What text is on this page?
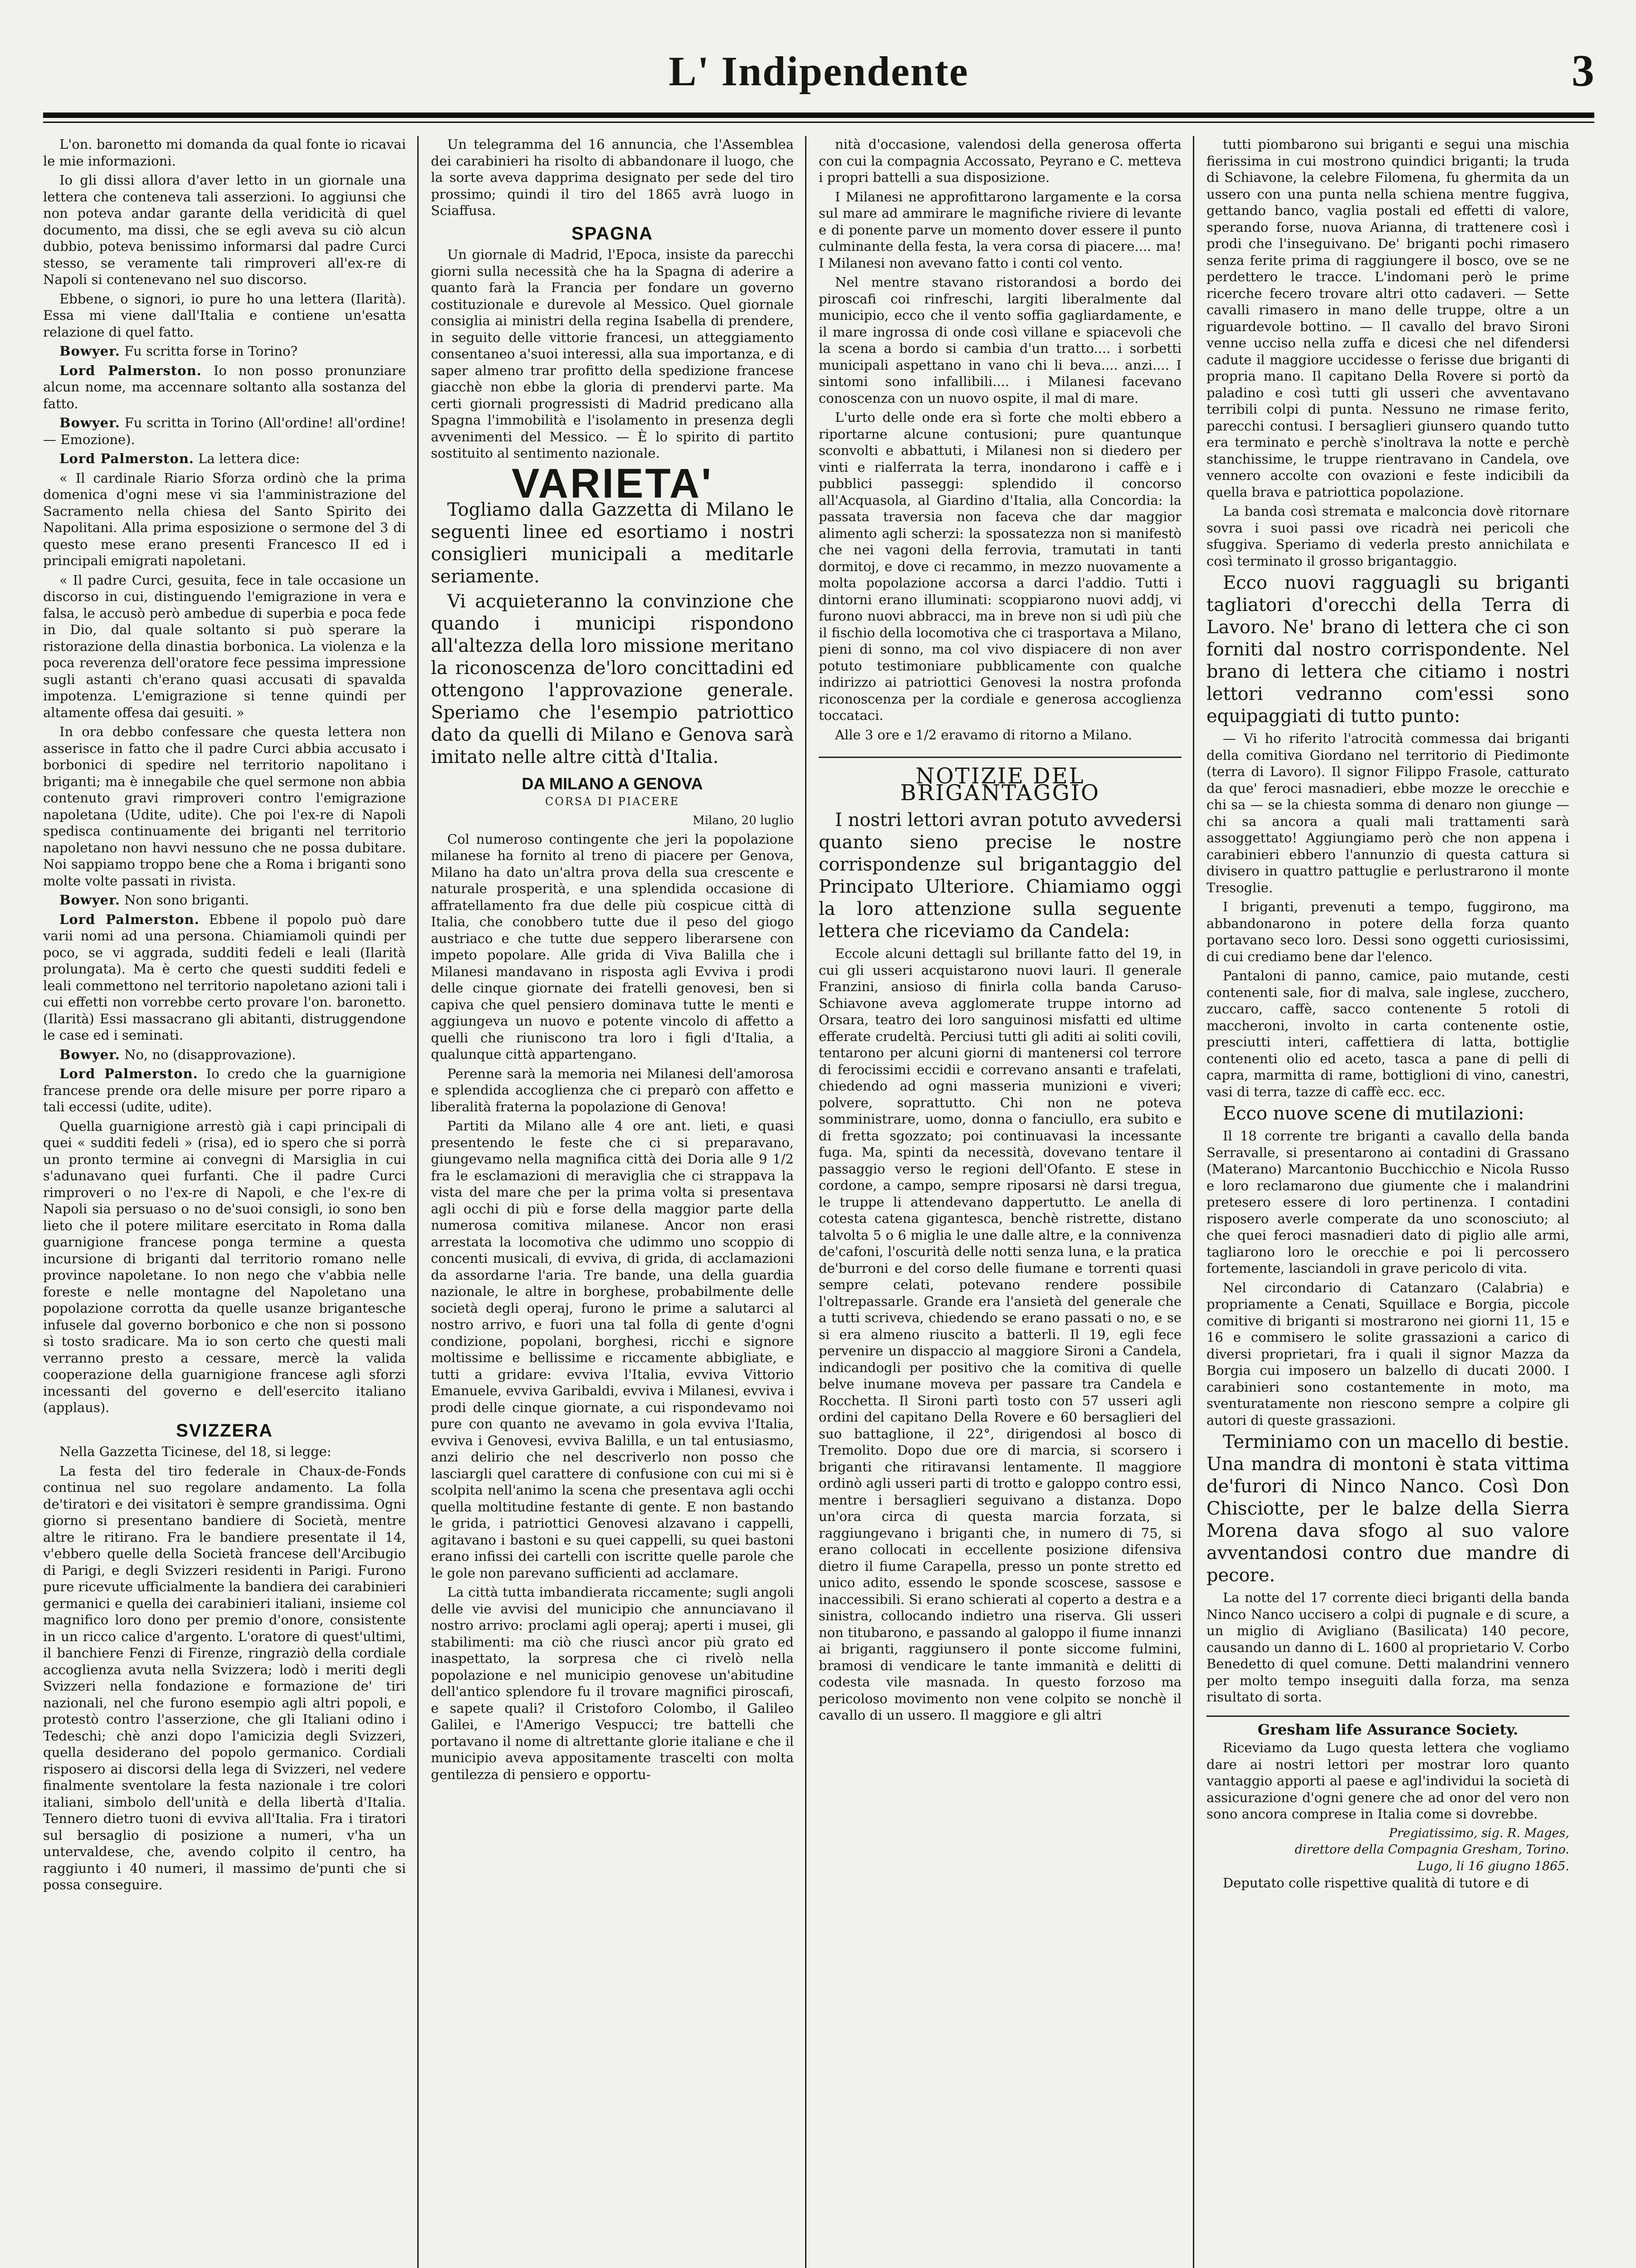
L' Indipendente	3

L'on. baronetto mi domanda da qual fonte io ricavai le mie informazioni.

Io gli dissi allora d'aver letto in un giornale una lettera che conteneva tali asserzioni. Io aggiunsi che non poteva andar garante della veridicità di quel documento, ma dissi, che se egli aveva su ciò alcun dubbio, poteva benissimo informarsi dal padre Curci stesso, se veramente tali rimproveri all'ex-re di Napoli si contenevano nel suo discorso.

Ebbene, o signori, io pure ho una lettera (Ilarità). Essa mi viene dall'Italia e contiene un'esatta relazione di quel fatto.

Bowyer. Fu scritta forse in Torino?

Lord Palmerston. Io non posso pronunziare alcun nome, ma accennare soltanto alla sostanza del fatto.

Bowyer. Fu scritta in Torino (All'ordine! all'ordine! — Emozione).

Lord Palmerston. La lettera dice:

« Il cardinale Riario Sforza ordinò che la prima domenica d'ogni mese vi sia l'amministrazione del Sacramento nella chiesa del Santo Spirito dei Napolitani. Alla prima esposizione o sermone del 3 di questo mese erano presenti Francesco II ed i principali emigrati napoletani.

« Il padre Curci, gesuita, fece in tale occasione un discorso in cui, distinguendo l'emigrazione in vera e falsa, le accusò però ambedue di superbia e poca fede in Dio, dal quale soltanto si può sperare la ristorazione della dinastia borbonica. La violenza e la poca reverenza dell'oratore fece pessima impressione sugli astanti ch'erano quasi accusati di spavalda impotenza. L'emigrazione si tenne quindi per altamente offesa dai gesuiti. »

In ora debbo confessare che questa lettera non asserisce in fatto che il padre Curci abbia accusato i borbonici di spedire nel territorio napolitano i briganti; ma è innegabile che quel sermone non abbia contenuto gravi rimproveri contro l'emigrazione napoletana (Udite, udite). Che poi l'ex-re di Napoli spedisca continuamente dei briganti nel territorio napoletano non havvi nessuno che ne possa dubitare. Noi sappiamo troppo bene che a Roma i briganti sono molte volte passati in rivista.

Bowyer. Non sono briganti.

Lord Palmerston. Ebbene il popolo può dare varii nomi ad una persona. Chiamiamoli quindi per poco, se vi aggrada, sudditi fedeli e leali (Ilarità prolungata). Ma è certo che questi sudditi fedeli e leali commettono nel territorio napoletano azioni tali i cui effetti non vorrebbe certo provare l'on. baronetto. (Ilarità) Essi massacrano gli abitanti, distruggendone le case ed i seminati.

Bowyer. No, no (disapprovazione).

Lord Palmerston. Io credo che la guarnigione francese prende ora delle misure per porre riparo a tali eccessi (udite, udite).

Quella guarnigione arrestò già i capi principali di quei « sudditi fedeli » (risa), ed io spero che si porrà un pronto termine ai convegni di Marsiglia in cui s'adunavano quei furfanti. Che il padre Curci rimproveri o no l'ex-re di Napoli, e che l'ex-re di Napoli sia persuaso o no de'suoi consigli, io sono ben lieto che il potere militare esercitato in Roma dalla guarnigione francese ponga termine a questa incursione di briganti dal territorio romano nelle province napoletane. Io non nego che v'abbia nelle foreste e nelle montagne del Napoletano una popolazione corrotta da quelle usanze brigantesche infusele dal governo borbonico e che non si possono sì tosto sradicare. Ma io son certo che questi mali verranno presto a cessare, mercè la valida cooperazione della guarnigione francese agli sforzi incessanti del governo e dell'esercito italiano (applaus).

SVIZZERA

Nella Gazzetta Ticinese, del 18, si legge:

La festa del tiro federale in Chaux-de-Fonds continua nel suo regolare andamento. La folla de'tiratori e dei visitatori è sempre grandissima. Ogni giorno si presentano bandiere di Società, mentre altre le ritirano. Fra le bandiere presentate il 14, v'ebbero quelle della Società francese dell'Arcibugio di Parigi, e degli Svizzeri residenti in Parigi. Furono pure ricevute ufficialmente la bandiera dei carabinieri germanici e quella dei carabinieri italiani, insieme col magnifico loro dono per premio d'onore, consistente in un ricco calice d'argento. L'oratore di quest'ultimi, il banchiere Fenzi di Firenze, ringraziò della cordiale accoglienza avuta nella Svizzera; lodò i meriti degli Svizzeri nella fondazione e formazione de' tiri nazionali, nel che furono esempio agli altri popoli, e protestò contro l'asserzione, che gli Italiani odino i Tedeschi; chè anzi dopo l'amicizia degli Svizzeri, quella desiderano del popolo germanico. Cordiali risposero ai discorsi della lega di Svizzeri, nel vedere finalmente sventolare la festa nazionale i tre colori italiani, simbolo dell'unità e della libertà d'Italia. Tennero dietro tuoni di evviva all'Italia. Fra i tiratori sul bersaglio di posizione a numeri, v'ha un untervaldese, che, avendo colpito il centro, ha raggiunto i 40 numeri, il massimo de'punti che si possa conseguire.

Un telegramma del 16 annuncia, che l'Assemblea dei carabinieri ha risolto di abbandonare il luogo, che la sorte aveva dapprima designato per sede del tiro prossimo; quindi il tiro del 1865 avrà luogo in Sciaffusa.

SPAGNA

Un giornale di Madrid, l'Epoca, insiste da parecchi giorni sulla necessità che ha la Spagna di aderire a quanto farà la Francia per fondare un governo costituzionale e durevole al Messico. Quel giornale consiglia ai ministri della regina Isabella di prendere, in seguito delle vittorie francesi, un atteggiamento consentaneo a'suoi interessi, alla sua importanza, e di saper almeno trar profitto della spedizione francese giacchè non ebbe la gloria di prendervi parte. Ma certi giornali progressisti di Madrid predicano alla Spagna l'immobilità e l'isolamento in presenza degli avvenimenti del Messico. — È lo spirito di partito sostituito al sentimento nazionale.

VARIETA'

Togliamo dalla Gazzetta di Milano le seguenti linee ed esortiamo i nostri consiglieri municipali a meditarle seriamente.

Vi acquieteranno la convinzione che quando i municipi rispondono all'altezza della loro missione meritano la riconoscenza de'loro concittadini ed ottengono l'approvazione generale. Speriamo che l'esempio patriottico dato da quelli di Milano e Genova sarà imitato nelle altre città d'Italia.

DA MILANO A GENOVA
CORSA DI PIACERE
Milano, 20 luglio

Col numeroso contingente che jeri la popolazione milanese ha fornito al treno di piacere per Genova, Milano ha dato un'altra prova della sua crescente e naturale prosperità, e una splendida occasione di affratellamento fra due delle più cospicue città di Italia, che conobbero tutte due il peso del giogo austriaco e che tutte due seppero liberarsene con impeto popolare. Alle grida di Viva Balilla che i Milanesi mandavano in risposta agli Evviva i prodi delle cinque giornate dei fratelli genovesi, ben si capiva che quel pensiero dominava tutte le menti e aggiungeva un nuovo e potente vincolo di affetto a quelli che riuniscono tra loro i figli d'Italia, a qualunque città appartengano.

Perenne sarà la memoria nei Milanesi dell'amorosa e splendida accoglienza che ci preparò con affetto e liberalità fraterna la popolazione di Genova!

Partiti da Milano alle 4 ore ant. lieti, e quasi presentendo le feste che ci si preparavano, giungevamo nella magnifica città dei Doria alle 9 1/2 fra le esclamazioni di meraviglia che ci strappava la vista del mare che per la prima volta si presentava agli occhi di più e forse della maggior parte della numerosa comitiva milanese. Ancor non erasi arrestata la locomotiva che udimmo uno scoppio di concenti musicali, di evviva, di grida, di acclamazioni da assordarne l'aria. Tre bande, una della guardia nazionale, le altre in borghese, probabilmente delle società degli operaj, furono le prime a salutarci al nostro arrivo, e fuori una tal folla di gente d'ogni condizione, popolani, borghesi, ricchi e signore moltissime e bellissime e riccamente abbigliate, e tutti a gridare: evviva l'Italia, evviva Vittorio Emanuele, evviva Garibaldi, evviva i Milanesi, evviva i prodi delle cinque giornate, a cui rispondevamo noi pure con quanto ne avevamo in gola evviva l'Italia, evviva i Genovesi, evviva Balilla, e un tal entusiasmo, anzi delirio che nel descriverlo non posso che lasciargli quel carattere di confusione con cui mi si è scolpita nell'animo la scena che presentava agli occhi quella moltitudine festante di gente. E non bastando le grida, i patriottici Genovesi alzavano i cappelli, agitavano i bastoni e su quei cappelli, su quei bastoni erano infissi dei cartelli con iscritte quelle parole che le gole non parevano sufficienti ad acclamare.

La città tutta imbandierata riccamente; sugli angoli delle vie avvisi del municipio che annunciavano il nostro arrivo: proclami agli operaj; aperti i musei, gli stabilimenti: ma ciò che riuscì ancor più grato ed inaspettato, la sorpresa che ci rivelò nella popolazione e nel municipio genovese un'abitudine dell'antico splendore fu il trovare magnifici piroscafi, e sapete quali? il Cristoforo Colombo, il Galileo Galilei, e l'Amerigo Vespucci; tre battelli che portavano il nome di altrettante glorie italiane e che il municipio aveva appositamente trascelti con molta gentilezza di pensiero e opportu-

nità d'occasione, valendosi della generosa offerta con cui la compagnia Accossato, Peyrano e C. metteva i propri battelli a sua disposizione.

I Milanesi ne approfittarono largamente e la corsa sul mare ad ammirare le magnifiche riviere di levante e di ponente parve un momento dover essere il punto culminante della festa, la vera corsa di piacere.... ma! I Milanesi non avevano fatto i conti col vento.

Nel mentre stavano ristorandosi a bordo dei piroscafi coi rinfreschi, largiti liberalmente dal municipio, ecco che il vento soffia gagliardamente, e il mare ingrossa di onde così villane e spiacevoli che la scena a bordo si cambia d'un tratto.... i sorbetti municipali aspettano in vano chi li beva.... anzi.... I sintomi sono infallibili.... i Milanesi facevano conoscenza con un nuovo ospite, il mal di mare.

L'urto delle onde era sì forte che molti ebbero a riportarne alcune contusioni; pure quantunque sconvolti e abbattuti, i Milanesi non si diedero per vinti e rialferrata la terra, inondarono i caffè e i pubblici passeggi: splendido il concorso all'Acquasola, al Giardino d'Italia, alla Concordia: la passata traversia non faceva che dar maggior alimento agli scherzi: la spossatezza non si manifestò che nei vagoni della ferrovia, tramutati in tanti dormitoj, e dove ci recammo, in mezzo nuovamente a molta popolazione accorsa a darci l'addio. Tutti i dintorni erano illuminati: scoppiarono nuovi addj, vi furono nuovi abbracci, ma in breve non si udì più che il fischio della locomotiva che ci trasportava a Milano, pieni di sonno, ma col vivo dispiacere di non aver potuto testimoniare pubblicamente con qualche indirizzo ai patriottici Genovesi la nostra profonda riconoscenza per la cordiale e generosa accoglienza toccataci.

Alle 3 ore e 1/2 eravamo di ritorno a Milano.

NOTIZIE DEL BRIGANTAGGIO

I nostri lettori avran potuto avvedersi quanto sieno precise le nostre corrispondenze sul brigantaggio del Principato Ulteriore. Chiamiamo oggi la loro attenzione sulla seguente lettera che riceviamo da Candela:

Eccole alcuni dettagli sul brillante fatto del 19, in cui gli usseri acquistarono nuovi lauri. Il generale Franzini, ansioso di finirla colla banda Caruso-Schiavone aveva agglomerate truppe intorno ad Orsara, teatro dei loro sanguinosi misfatti ed ultime efferate crudeltà. Perciusi tutti gli aditi ai soliti covili, tentarono per alcuni giorni di mantenersi col terrore di ferocissimi eccidii e correvano ansanti e trafelati, chiedendo ad ogni masseria munizioni e viveri; polvere, soprattutto. Chi non ne poteva somministrare, uomo, donna o fanciullo, era subito e di fretta sgozzato; poi continuavasi la incessante fuga. Ma, spinti da necessità, dovevano tentare il passaggio verso le regioni dell'Ofanto. E stese in cordone, a campo, sempre riposarsi nè darsi tregua, le truppe li attendevano dappertutto. Le anella di cotesta catena gigantesca, benchè ristrette, distano talvolta 5 o 6 miglia le une dalle altre, e la connivenza de'cafoni, l'oscurità delle notti senza luna, e la pratica de'burroni e del corso delle fiumane e torrenti quasi sempre celati, potevano rendere possibile l'oltrepassarle. Grande era l'ansietà del generale che a tutti scriveva, chiedendo se erano passati o no, e se si era almeno riuscito a batterli. Il 19, egli fece pervenire un dispaccio al maggiore Sironi a Candela, indicandogli per positivo che la comitiva di quelle belve inumane moveva per passare tra Candela e Rocchetta. Il Sironi partì tosto con 57 usseri agli ordini del capitano Della Rovere e 60 bersaglieri del suo battaglione, il 22°, dirigendosi al bosco di Tremolito. Dopo due ore di marcia, si scorsero i briganti che ritiravansi lentamente. Il maggiore ordinò agli usseri parti di trotto e galoppo contro essi, mentre i bersaglieri seguivano a distanza. Dopo un'ora circa di questa marcia forzata, si raggiungevano i briganti che, in numero di 75, si erano collocati in eccellente posizione difensiva dietro il fiume Carapella, presso un ponte stretto ed unico adito, essendo le sponde scoscese, sassose e inaccessibili. Si erano schierati al coperto a destra e a sinistra, collocando indietro una riserva. Gli usseri non titubarono, e passando al galoppo il fiume innanzi ai briganti, raggiunsero il ponte siccome fulmini, bramosi di vendicare le tante immanità e delitti di codesta vile masnada. In questo forzoso ma pericoloso movimento non vene colpito se nonchè il cavallo di un ussero. Il maggiore e gli altri

tutti piombarono sui briganti e segui una mischia fierissima in cui mostrono quindici briganti; la truda di Schiavone, la celebre Filomena, fu ghermita da un ussero con una punta nella schiena mentre fuggiva, gettando banco, vaglia postali ed effetti di valore, sperando forse, nuova Arianna, di trattenere così i prodi che l'inseguivano. De' briganti pochi rimasero senza ferite prima di raggiungere il bosco, ove se ne perdettero le tracce. L'indomani però le prime ricerche fecero trovare altri otto cadaveri. — Sette cavalli rimasero in mano delle truppe, oltre a un riguardevole bottino. — Il cavallo del bravo Sironi venne ucciso nella zuffa e dicesi che nel difendersi cadute il maggiore uccidesse o ferisse due briganti di propria mano. Il capitano Della Rovere si portò da paladino e così tutti gli usseri che avventavano terribili colpi di punta. Nessuno ne rimase ferito, parecchi contusi. I bersaglieri giunsero quando tutto era terminato e perchè s'inoltrava la notte e perchè stanchissime, le truppe rientravano in Candela, ove vennero accolte con ovazioni e feste indicibili da quella brava e patriottica popolazione.

La banda così stremata e malconcia dovè ritornare sovra i suoi passi ove ricadrà nei pericoli che sfuggiva. Speriamo di vederla presto annichilata e così terminato il grosso brigantaggio.

Ecco nuovi ragguagli su briganti tagliatori d'orecchi della Terra di Lavoro. Ne' brano di lettera che ci son forniti dal nostro corrispondente. Nel brano di lettera che citiamo i nostri lettori vedranno com'essi sono equipaggiati di tutto punto:

— Vi ho riferito l'atrocità commessa dai briganti della comitiva Giordano nel territorio di Piedimonte (terra di Lavoro). Il signor Filippo Frasole, catturato da que' feroci masnadieri, ebbe mozze le orecchie e chi sa — se la chiesta somma di denaro non giunge — chi sa ancora a quali mali trattamenti sarà assoggettato! Aggiungiamo però che non appena i carabinieri ebbero l'annunzio di questa cattura si divisero in quattro pattuglie e perlustrarono il monte Tresoglie.

I briganti, prevenuti a tempo, fuggirono, ma abbandonarono in potere della forza quanto portavano seco loro. Dessi sono oggetti curiosissimi, di cui crediamo bene dar l'elenco.

Pantaloni di panno, camice, paio mutande, cesti contenenti sale, fior di malva, sale inglese, zucchero, zuccaro, caffè, sacco contenente 5 rotoli di maccheroni, involto in carta contenente ostie, presciutti interi, caffettiera di latta, bottiglie contenenti olio ed aceto, tasca a pane di pelli di capra, marmitta di rame, bottiglioni di vino, canestri, vasi di terra, tazze di caffè ecc. ecc.

Ecco nuove scene di mutilazioni:

Il 18 corrente tre briganti a cavallo della banda Serravalle, si presentarono ai contadini di Grassano (Materano) Marcantonio Bucchicchio e Nicola Russo e loro reclamarono due giumente che i malandrini pretesero essere di loro pertinenza. I contadini risposero averle comperate da uno sconosciuto; al che quei feroci masnadieri dato di piglio alle armi, tagliarono loro le orecchie e poi li percossero fortemente, lasciandoli in grave pericolo di vita.

Nel circondario di Catanzaro (Calabria) e propriamente a Cenati, Squillace e Borgia, piccole comitive di briganti si mostrarono nei giorni 11, 15 e 16 e commisero le solite grassazioni a carico di diversi proprietari, fra i quali il signor Mazza da Borgia cui imposero un balzello di ducati 2000. I carabinieri sono costantemente in moto, ma sventuratamente non riescono sempre a colpire gli autori di queste grassazioni.

Terminiamo con un macello di bestie. Una mandra di montoni è stata vittima de'furori di Ninco Nanco. Così Don Chisciotte, per le balze della Sierra Morena dava sfogo al suo valore avventandosi contro due mandre di pecore.

La notte del 17 corrente dieci briganti della banda Ninco Nanco uccisero a colpi di pugnale e di scure, a un miglio di Avigliano (Basilicata) 140 pecore, causando un danno di L. 1600 al proprietario V. Corbo Benedetto di quel comune. Detti malandrini vennero per molto tempo inseguiti dalla forza, ma senza risultato di sorta.

Gresham life Assurance Society.

Riceviamo da Lugo questa lettera che vogliamo dare ai nostri lettori per mostrar loro quanto vantaggio apporti al paese e agl'individui la società di assicurazione d'ogni genere che ad onor del vero non sono ancora comprese in Italia come si dovrebbe.

Pregiatissimo, sig. R. Mages,

direttore della Compagnia Gresham, Torino.

Lugo, li 16 giugno 1865.

Deputato colle rispettive qualità di tutore e di
